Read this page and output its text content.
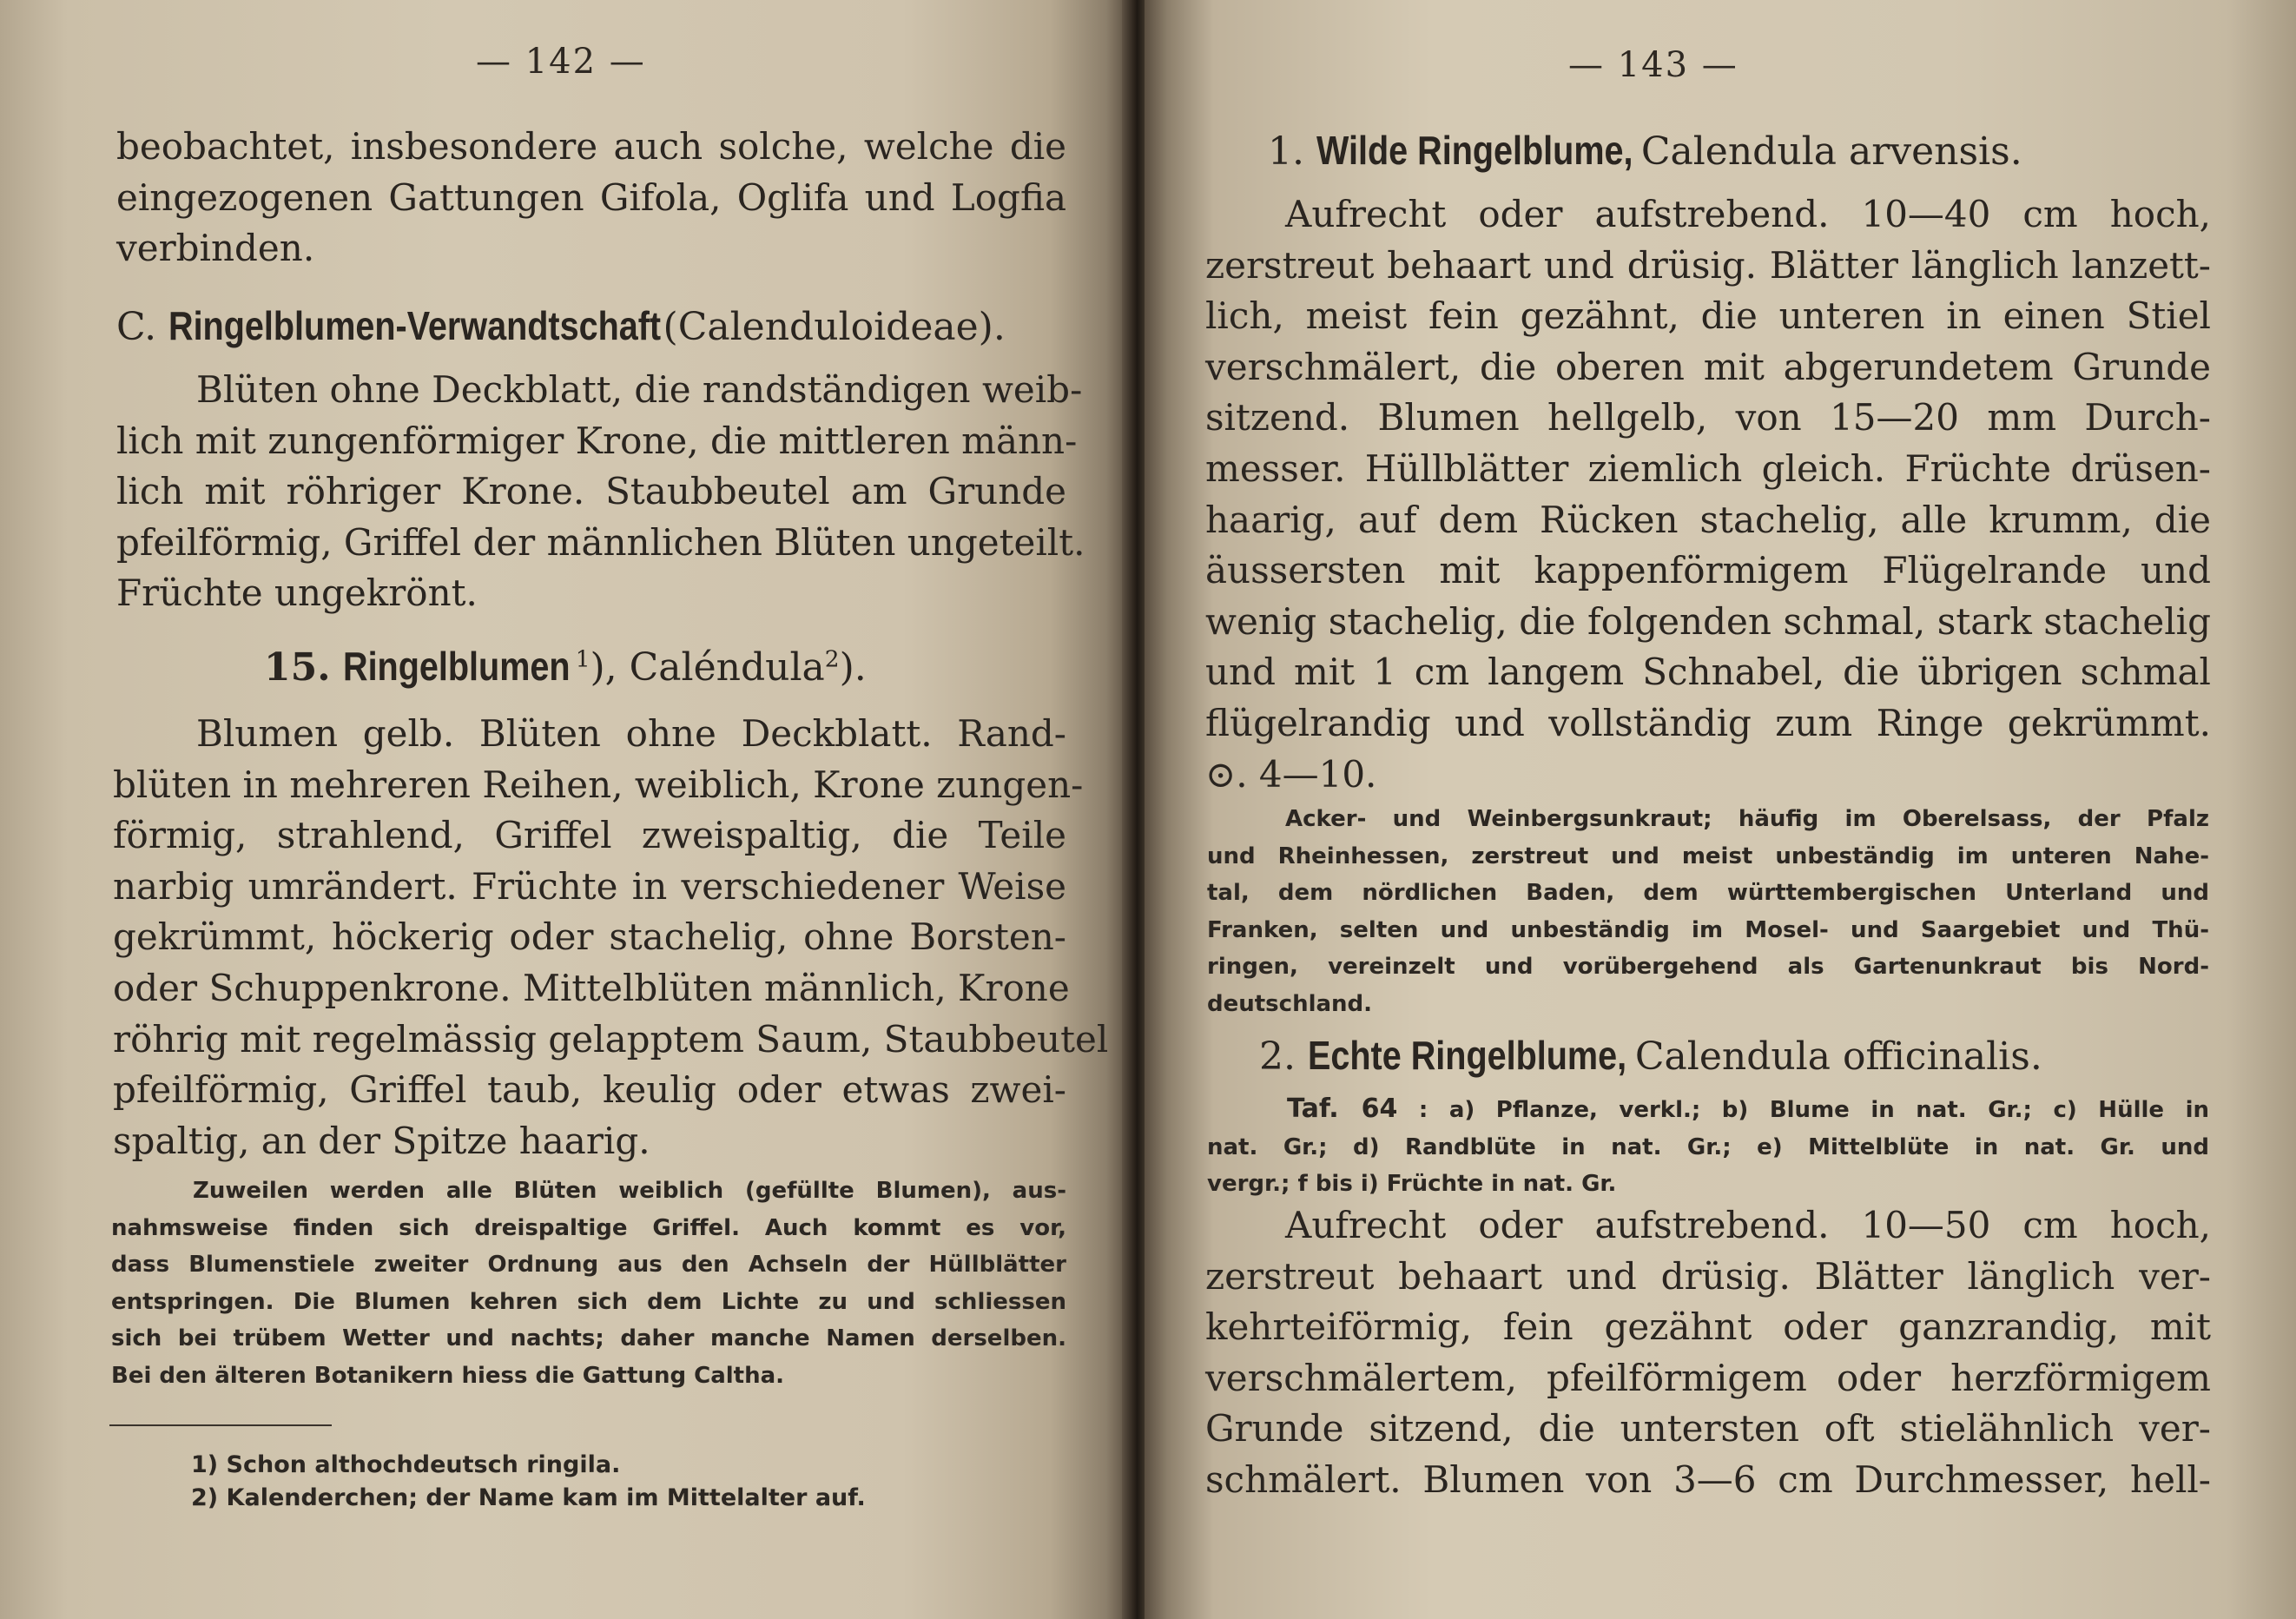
— 142 —
beobachtet, insbesondere auch solche, welche die
eingezogenen Gattungen Gifola, Oglifa und Logfia
verbinden.
C. Ringelblumen-Verwandtschaft(Calenduloideae).
Blüten ohne Deckblatt, die randständigen weib-
lich mit zungenförmiger Krone, die mittleren männ-
lich mit röhriger Krone. Staubbeutel am Grunde
pfeilförmig, Griffel der männlichen Blüten ungeteilt.
Früchte ungekrönt.
15. Ringelblumen $^1$), Caléndula$^2$).
Blumen gelb. Blüten ohne Deckblatt. Rand-
blüten in mehreren Reihen, weiblich, Krone zungen-
förmig, strahlend, Griffel zweispaltig, die Teile
narbig umrändert. Früchte in verschiedener Weise
gekrümmt, höckerig oder stachelig, ohne Borsten-
oder Schuppenkrone. Mittelblüten männlich, Krone
röhrig mit regelmässig gelapptem Saum, Staubbeutel
pfeilförmig, Griffel taub, keulig oder etwas zwei-
spaltig, an der Spitze haarig.
Zuweilen werden alle Blüten weiblich (gefüllte Blumen), aus-
nahmsweise finden sich dreispaltige Griffel. Auch kommt es vor,
dass Blumenstiele zweiter Ordnung aus den Achseln der Hüllblätter
entspringen. Die Blumen kehren sich dem Lichte zu und schliessen
sich bei trübem Wetter und nachts; daher manche Namen derselben.
Bei den älteren Botanikern hiess die Gattung Caltha.
1) Schon althochdeutsch ringila.
2) Kalenderchen; der Name kam im Mittelalter auf.
— 143 —
1. Wilde Ringelblume, Calendula arvensis.
Aufrecht oder aufstrebend. 10—40 cm hoch,
zerstreut behaart und drüsig. Blätter länglich lanzett-
lich, meist fein gezähnt, die unteren in einen Stiel
verschmälert, die oberen mit abgerundetem Grunde
sitzend. Blumen hellgelb, von 15—20 mm Durch-
messer. Hüllblätter ziemlich gleich. Früchte drüsen-
haarig, auf dem Rücken stachelig, alle krumm, die
äussersten mit kappenförmigem Flügelrande und
wenig stachelig, die folgenden schmal, stark stachelig
und mit 1 cm langem Schnabel, die übrigen schmal
flügelrandig und vollständig zum Ringe gekrümmt.
⊙. 4—10.
Acker- und Weinbergsunkraut; häufig im Oberelsass, der Pfalz
und Rheinhessen, zerstreut und meist unbeständig im unteren Nahe-
tal, dem nördlichen Baden, dem württembergischen Unterland und
Franken, selten und unbeständig im Mosel- und Saargebiet und Thü-
ringen, vereinzelt und vorübergehend als Gartenunkraut bis Nord-
deutschland.
2. Echte Ringelblume, Calendula officinalis.
Taf. 64 : a) Pflanze, verkl.; b) Blume in nat. Gr.; c) Hülle in
nat. Gr.; d) Randblüte in nat. Gr.; e) Mittelblüte in nat. Gr. und
vergr.; f bis i) Früchte in nat. Gr.
Aufrecht oder aufstrebend. 10—50 cm hoch,
zerstreut behaart und drüsig. Blätter länglich ver-
kehrteiförmig, fein gezähnt oder ganzrandig, mit
verschmälertem, pfeilförmigem oder herzförmigem
Grunde sitzend, die untersten oft stielähnlich ver-
schmälert. Blumen von 3—6 cm Durchmesser, hell-
